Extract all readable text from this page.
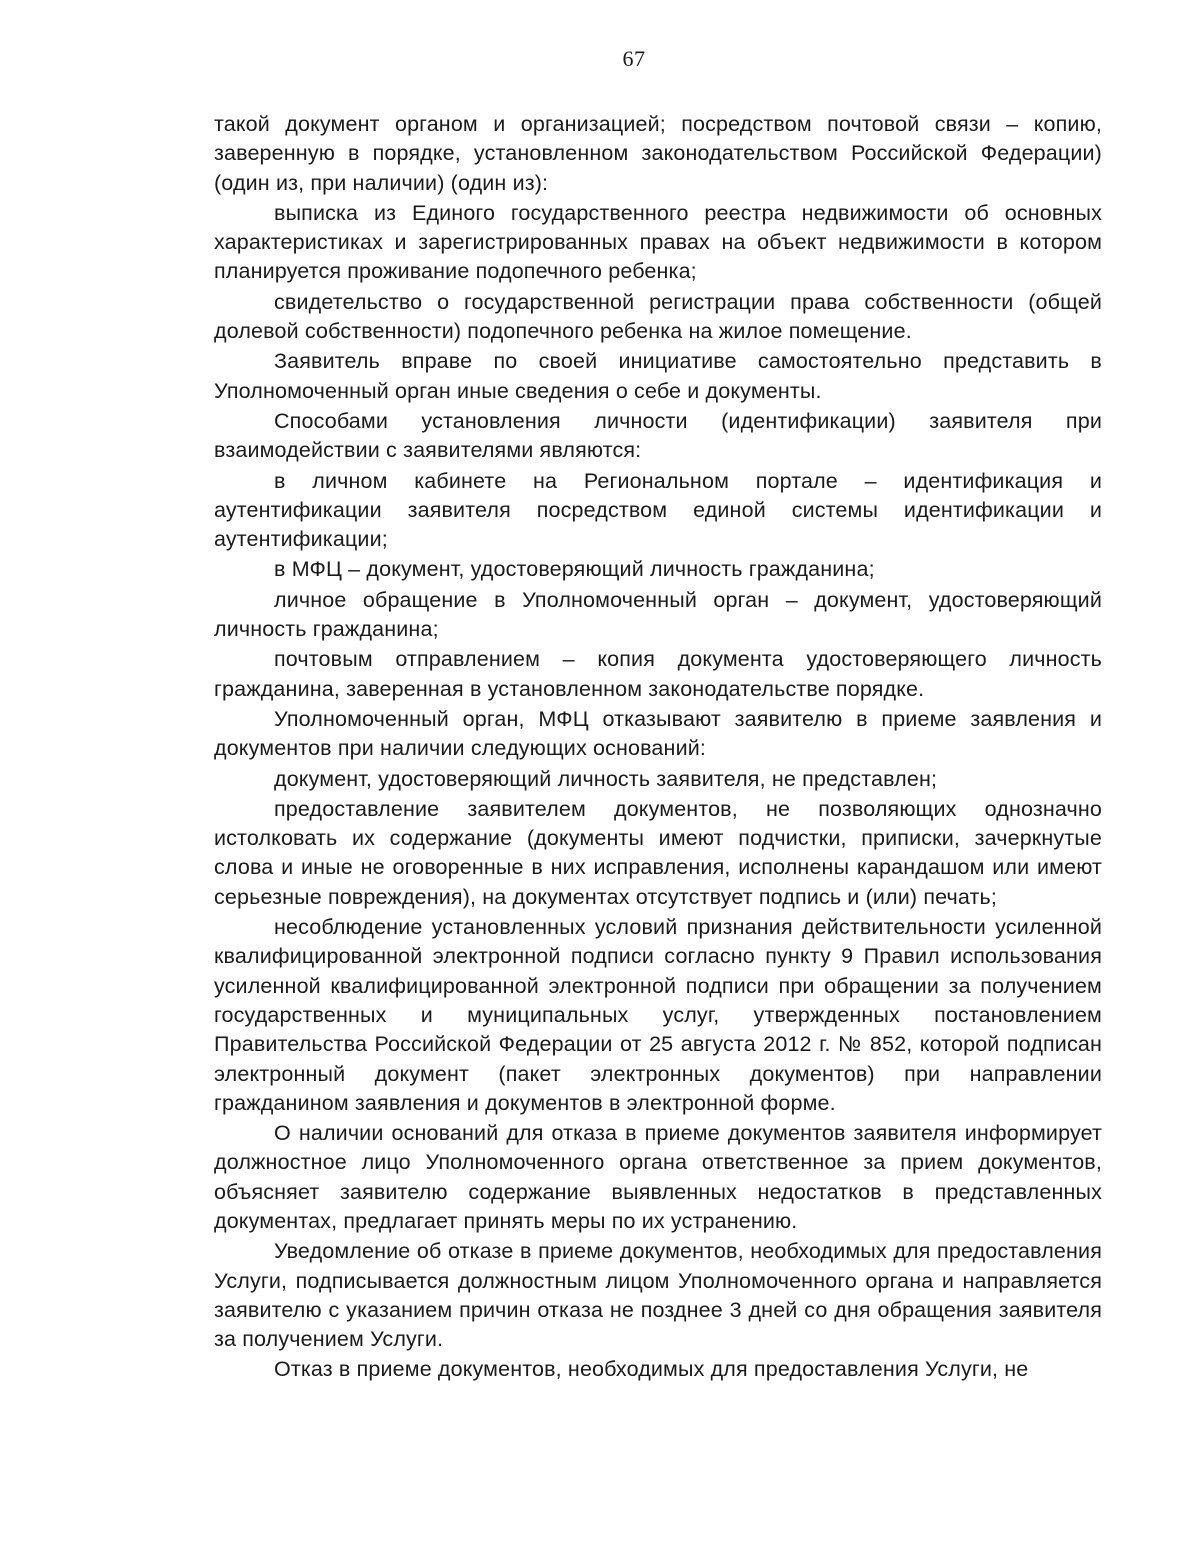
67

такой документ органом и организацией; посредством почтовой связи – копию, заверенную в порядке, установленном законодательством Российской Федерации) (один из, при наличии) (один из):

выписка из Единого государственного реестра недвижимости об основных характеристиках и зарегистрированных правах на объект недвижимости в котором планируется проживание подопечного ребенка;

свидетельство о государственной регистрации права собственности (общей долевой собственности) подопечного ребенка на жилое помещение.

Заявитель вправе по своей инициативе самостоятельно представить в Уполномоченный орган иные сведения о себе и документы.

Способами установления личности (идентификации) заявителя при взаимодействии с заявителями являются:

в личном кабинете на Региональном портале – идентификация и аутентификации заявителя посредством единой системы идентификации и аутентификации;

в МФЦ – документ, удостоверяющий личность гражданина;

личное обращение в Уполномоченный орган – документ, удостоверяющий личность гражданина;

почтовым отправлением – копия документа удостоверяющего личность гражданина, заверенная в установленном законодательстве порядке.

Уполномоченный орган, МФЦ отказывают заявителю в приеме заявления и документов при наличии следующих оснований:

документ, удостоверяющий личность заявителя, не представлен;

предоставление заявителем документов, не позволяющих однозначно истолковать их содержание (документы имеют подчистки, приписки, зачеркнутые слова и иные не оговоренные в них исправления, исполнены карандашом или имеют серьезные повреждения), на документах отсутствует подпись и (или) печать;

несоблюдение установленных условий признания действительности усиленной квалифицированной электронной подписи согласно пункту 9 Правил использования усиленной квалифицированной электронной подписи при обращении за получением государственных и муниципальных услуг, утвержденных постановлением Правительства Российской Федерации от 25 августа 2012 г. № 852, которой подписан электронный документ (пакет электронных документов) при направлении гражданином заявления и документов в электронной форме.

О наличии оснований для отказа в приеме документов заявителя информирует должностное лицо Уполномоченного органа ответственное за прием документов, объясняет заявителю содержание выявленных недостатков в представленных документах, предлагает принять меры по их устранению.

Уведомление об отказе в приеме документов, необходимых для предоставления Услуги, подписывается должностным лицом Уполномоченного органа и направляется заявителю с указанием причин отказа не позднее 3 дней со дня обращения заявителя за получением Услуги.

Отказ в приеме документов, необходимых для предоставления Услуги, не
